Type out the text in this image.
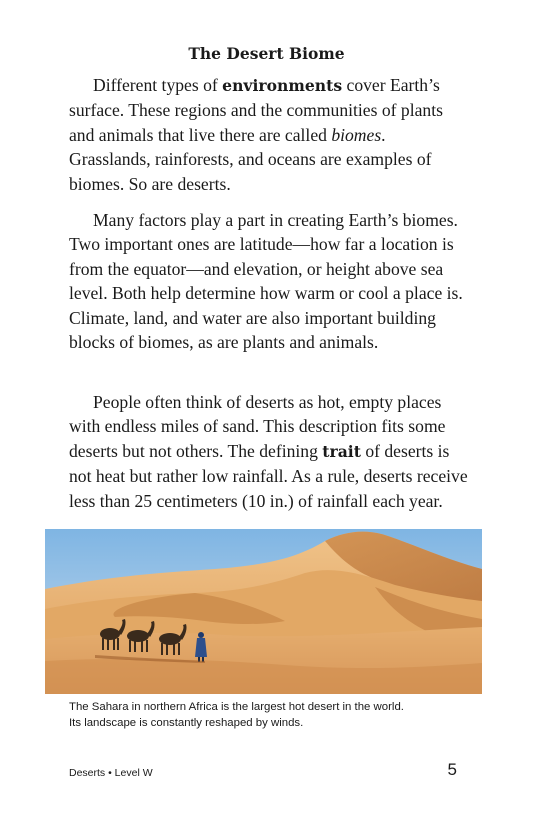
The Desert Biome

Different types of environments cover Earth’s surface. These regions and the communities of plants and animals that live there are called biomes. Grasslands, rainforests, and oceans are examples of biomes. So are deserts.

Many factors play a part in creating Earth’s biomes. Two important ones are latitude—how far a location is from the equator—and elevation, or height above sea level. Both help determine how warm or cool a place is. Climate, land, and water are also important building blocks of biomes, as are plants and animals.

People often think of deserts as hot, empty places with endless miles of sand. This description fits some deserts but not others. The defining trait of deserts is not heat but rather low rainfall. As a rule, deserts receive less than 25 centimeters (10 in.) of rainfall each year.

The Sahara in northern Africa is the largest hot desert in the world.
Its landscape is constantly reshaped by winds.

Deserts • Level W	5
